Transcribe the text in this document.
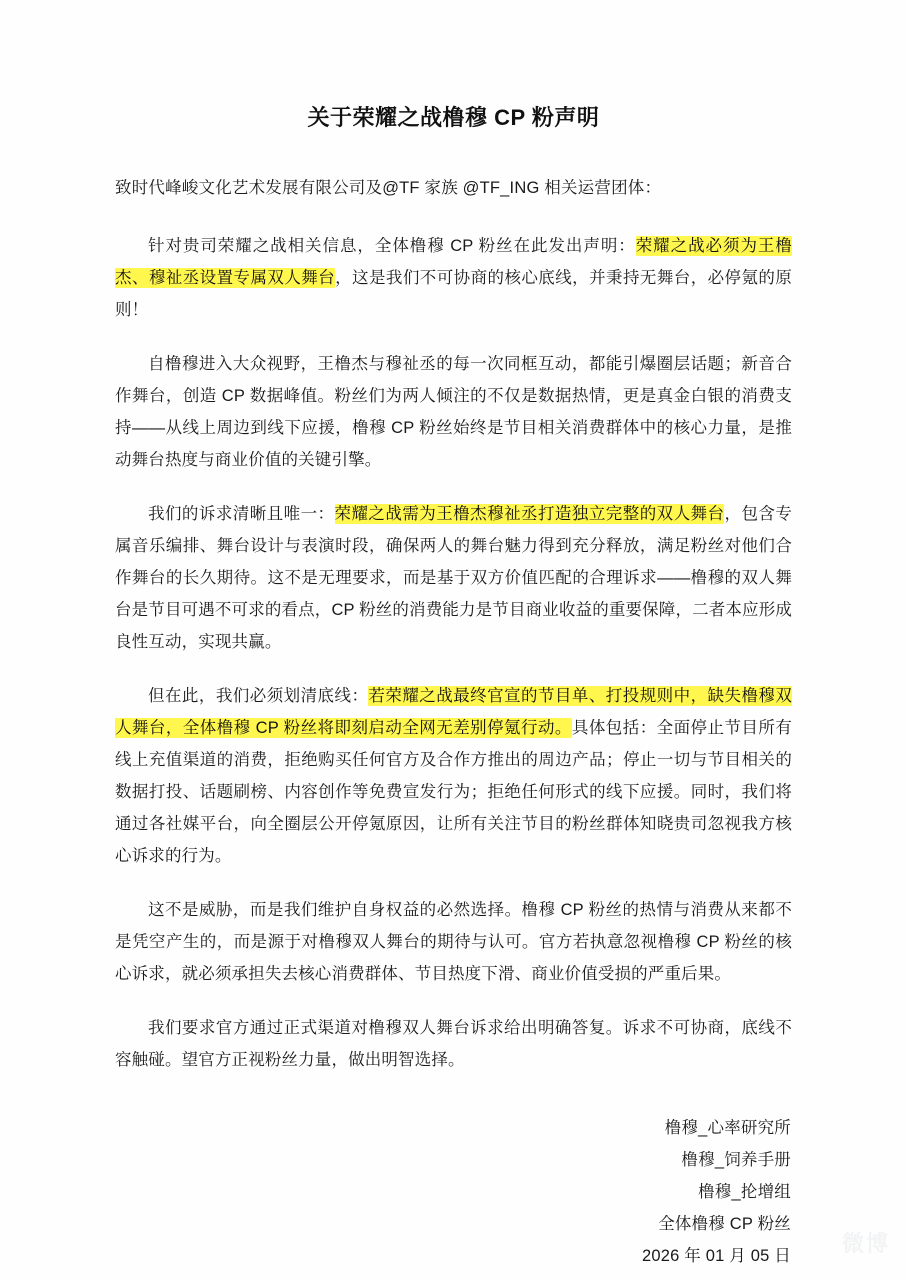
关于荣耀之战橹穆 CP 粉声明

致时代峰峻文化艺术发展有限公司及@TF 家族 @TF_ING 相关运营团体：

针对贵司荣耀之战相关信息，全体橹穆 CP 粉丝在此发出声明：荣耀之战必须为王橹杰、穆祉丞设置专属双人舞台，这是我们不可协商的核心底线，并秉持无舞台，必停氪的原则！

自橹穆进入大众视野，王橹杰与穆祉丞的每一次同框互动，都能引爆圈层话题；新音合作舞台，创造 CP 数据峰值。粉丝们为两人倾注的不仅是数据热情，更是真金白银的消费支持——从线上周边到线下应援，橹穆 CP 粉丝始终是节目相关消费群体中的核心力量，是推动舞台热度与商业价值的关键引擎。

我们的诉求清晰且唯一：荣耀之战需为王橹杰穆祉丞打造独立完整的双人舞台，包含专属音乐编排、舞台设计与表演时段，确保两人的舞台魅力得到充分释放，满足粉丝对他们合作舞台的长久期待。这不是无理要求，而是基于双方价值匹配的合理诉求——橹穆的双人舞台是节目可遇不可求的看点，CP 粉丝的消费能力是节目商业收益的重要保障，二者本应形成良性互动，实现共赢。

但在此，我们必须划清底线：若荣耀之战最终官宣的节目单、打投规则中，缺失橹穆双人舞台，全体橹穆 CP 粉丝将即刻启动全网无差别停氪行动。具体包括：全面停止节目所有线上充值渠道的消费，拒绝购买任何官方及合作方推出的周边产品；停止一切与节目相关的数据打投、话题刷榜、内容创作等免费宣发行为；拒绝任何形式的线下应援。同时，我们将通过各社媒平台，向全圈层公开停氪原因，让所有关注节目的粉丝群体知晓贵司忽视我方核心诉求的行为。

这不是威胁，而是我们维护自身权益的必然选择。橹穆 CP 粉丝的热情与消费从来都不是凭空产生的，而是源于对橹穆双人舞台的期待与认可。官方若执意忽视橹穆 CP 粉丝的核心诉求，就必须承担失去核心消费群体、节目热度下滑、商业价值受损的严重后果。

我们要求官方通过正式渠道对橹穆双人舞台诉求给出明确答复。诉求不可协商，底线不容触碰。望官方正视粉丝力量，做出明智选择。

橹穆_心率研究所
橹穆_饲养手册
橹穆_抡增组
全体橹穆 CP 粉丝
2026 年 01 月 05 日
微博
